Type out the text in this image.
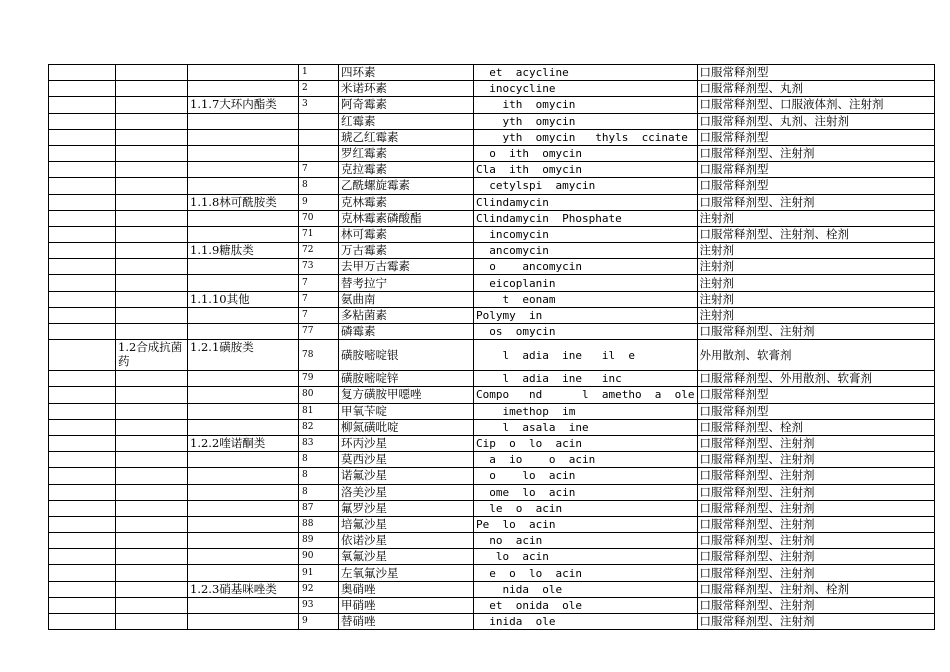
			1	四环素	et  acycline	口服常释剂型
			2	米诺环素	inocycline	口服常释剂型、丸剂
		1.1.7大环内酯类	3	阿奇霉素	ith  omycin	口服常释剂型、口服液体剂、注射剂
				红霉素	yth  omycin	口服常释剂型、丸剂、注射剂
				琥乙红霉素	yth  omycin   thyls  ccinate	口服常释剂型
				罗红霉素	o  ith  omycin	口服常释剂型、注射剂
			7	克拉霉素	Cla  ith  omycin	口服常释剂型
			8	乙酰螺旋霉素	cetylspi  amycin	口服常释剂型
		1.1.8林可酰胺类	9	克林霉素	Clindamycin	口服常释剂型、注射剂
			70	克林霉素磷酸酯	Clindamycin  Phosphate	注射剂
			71	林可霉素	incomycin	口服常释剂型、注射剂、栓剂
		1.1.9糖肽类	72	万古霉素	ancomycin	注射剂
			73	去甲万古霉素	o    ancomycin	注射剂
			7	替考拉宁	eicoplanin	注射剂
		1.1.10其他	7	氨曲南	t  eonam	注射剂
			7	多粘菌素	Polymy  in	注射剂
			77	磷霉素	os  omycin	口服常释剂型、注射剂
	1.2合成抗菌药	1.2.1磺胺类	78	磺胺嘧啶银	l  adia  ine   il  e	外用散剂、软膏剂
			79	磺胺嘧啶锌	l  adia  ine   inc	口服常释剂型、外用散剂、软膏剂
			80	复方磺胺甲噁唑	Compo   nd      l  ametho  a  ole	口服常释剂型
			81	甲氧苄啶	imethop  im	口服常释剂型
			82	柳氮磺吡啶	l  asala  ine	口服常释剂型、栓剂
		1.2.2喹诺酮类	83	环丙沙星	Cip  o  lo  acin	口服常释剂型、注射剂
			8	莫西沙星	a  io    o  acin	口服常释剂型、注射剂
			8	诺氟沙星	o    lo  acin	口服常释剂型、注射剂
			8	洛美沙星	ome  lo  acin	口服常释剂型、注射剂
			87	氟罗沙星	le  o  acin	口服常释剂型、注射剂
			88	培氟沙星	Pe  lo  acin	口服常释剂型、注射剂
			89	依诺沙星	no  acin	口服常释剂型、注射剂
			90	氧氟沙星	lo  acin	口服常释剂型、注射剂
			91	左氧氟沙星	e  o  lo  acin	口服常释剂型、注射剂
		1.2.3硝基咪唑类	92	奥硝唑	nida  ole	口服常释剂型、注射剂、栓剂
			93	甲硝唑	et  onida  ole	口服常释剂型、注射剂
			9	替硝唑	inida  ole	口服常释剂型、注射剂
